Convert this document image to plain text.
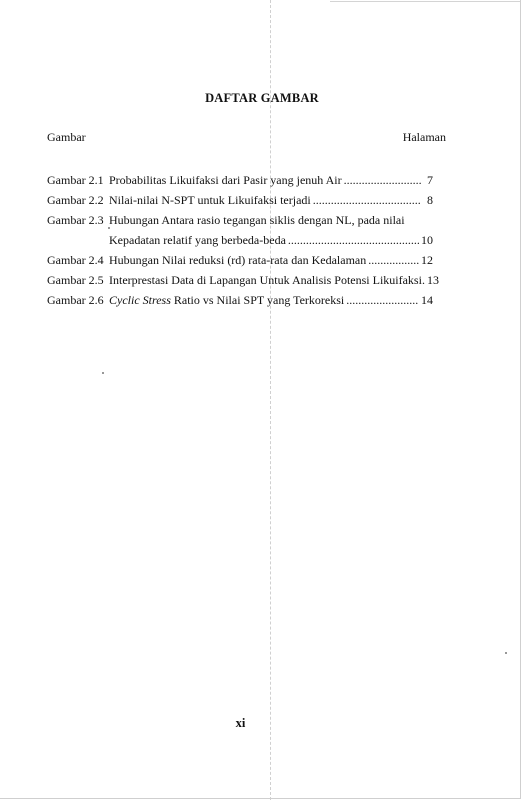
DAFTAR GAMBAR
Gambar	Halaman
Gambar 2.1 Probabilitas Likuifaksi dari Pasir yang jenuh Air .....	7
Gambar 2.2 Nilai-nilai N-SPT untuk Likuifaksi terjadi .....	8
Gambar 2.3 Hubungan Antara rasio tegangan siklis dengan NL, pada nilai
Kepadatan relatif yang berbeda-beda .....	10
Gambar 2.4 Hubungan Nilai reduksi (rd) rata-rata dan Kedalaman .....	12
Gambar 2.5 Interprestasi Data di Lapangan Untuk Analisis Potensi Likuifaksi. 13
Gambar 2.6 Cyclic Stress Ratio vs Nilai SPT yang Terkoreksi .....	14
xi
